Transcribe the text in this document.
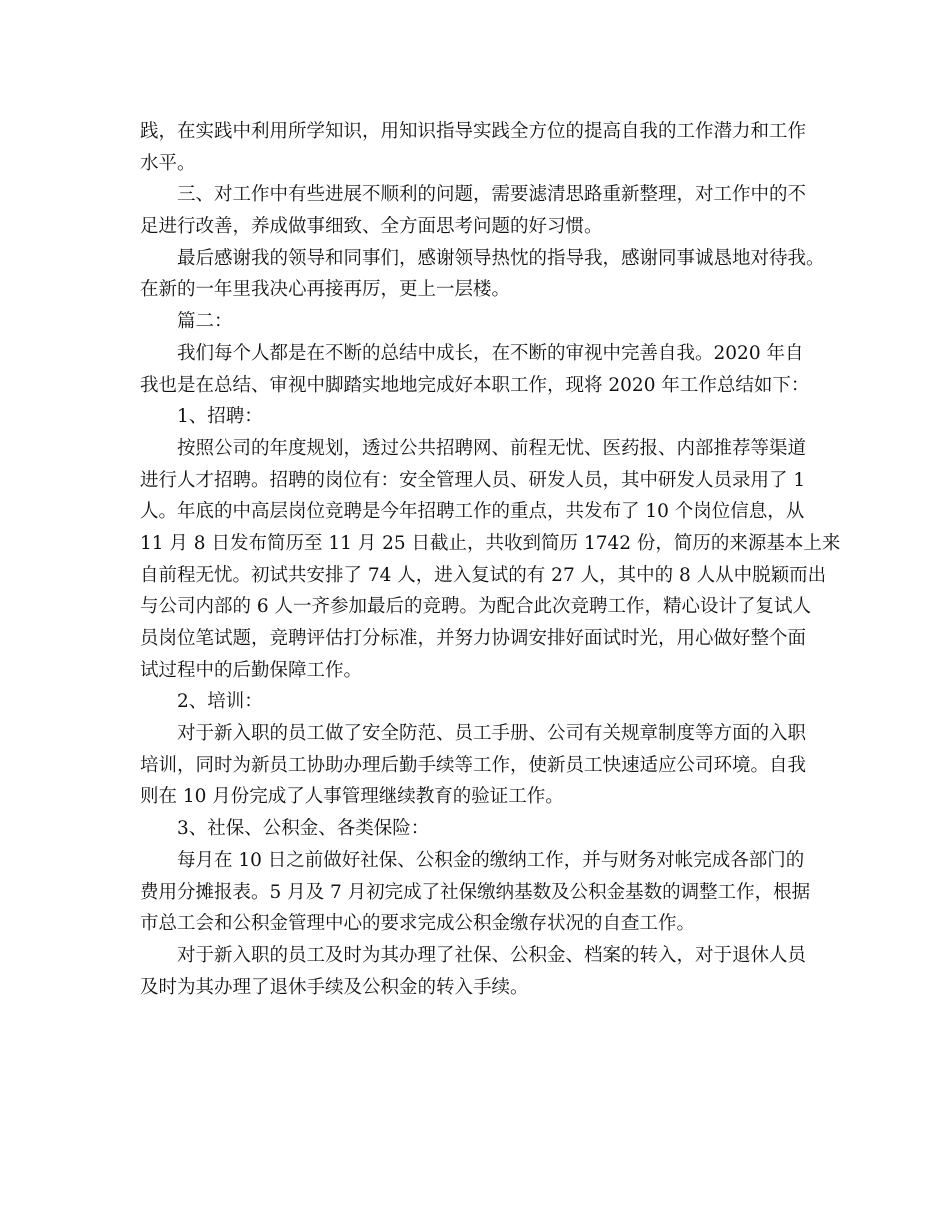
践，在实践中利用所学知识，用知识指导实践全方位的提高自我的工作潜力和工作
水平。
三、对工作中有些进展不顺利的问题，需要滤清思路重新整理，对工作中的不
足进行改善，养成做事细致、全方面思考问题的好习惯。
最后感谢我的领导和同事们，感谢领导热忱的指导我，感谢同事诚恳地对待我。
在新的一年里我决心再接再厉，更上一层楼。
篇二：
我们每个人都是在不断的总结中成长，在不断的审视中完善自我。2020 年自
我也是在总结、审视中脚踏实地地完成好本职工作，现将 2020 年工作总结如下：
1、招聘：
按照公司的年度规划，透过公共招聘网、前程无忧、医药报、内部推荐等渠道
进行人才招聘。招聘的岗位有：安全管理人员、研发人员，其中研发人员录用了 1
人。年底的中高层岗位竞聘是今年招聘工作的重点，共发布了 10 个岗位信息，从
11 月 8 日发布简历至 11 月 25 日截止，共收到简历 1742 份，简历的来源基本上来
自前程无忧。初试共安排了 74 人，进入复试的有 27 人，其中的 8 人从中脱颖而出
与公司内部的 6 人一齐参加最后的竞聘。为配合此次竞聘工作，精心设计了复试人
员岗位笔试题，竞聘评估打分标准，并努力协调安排好面试时光，用心做好整个面
试过程中的后勤保障工作。
2、培训：
对于新入职的员工做了安全防范、员工手册、公司有关规章制度等方面的入职
培训，同时为新员工协助办理后勤手续等工作，使新员工快速适应公司环境。自我
则在 10 月份完成了人事管理继续教育的验证工作。
3、社保、公积金、各类保险：
每月在 10 日之前做好社保、公积金的缴纳工作，并与财务对帐完成各部门的
费用分摊报表。5 月及 7 月初完成了社保缴纳基数及公积金基数的调整工作，根据
市总工会和公积金管理中心的要求完成公积金缴存状况的自查工作。
对于新入职的员工及时为其办理了社保、公积金、档案的转入，对于退休人员
及时为其办理了退休手续及公积金的转入手续。
